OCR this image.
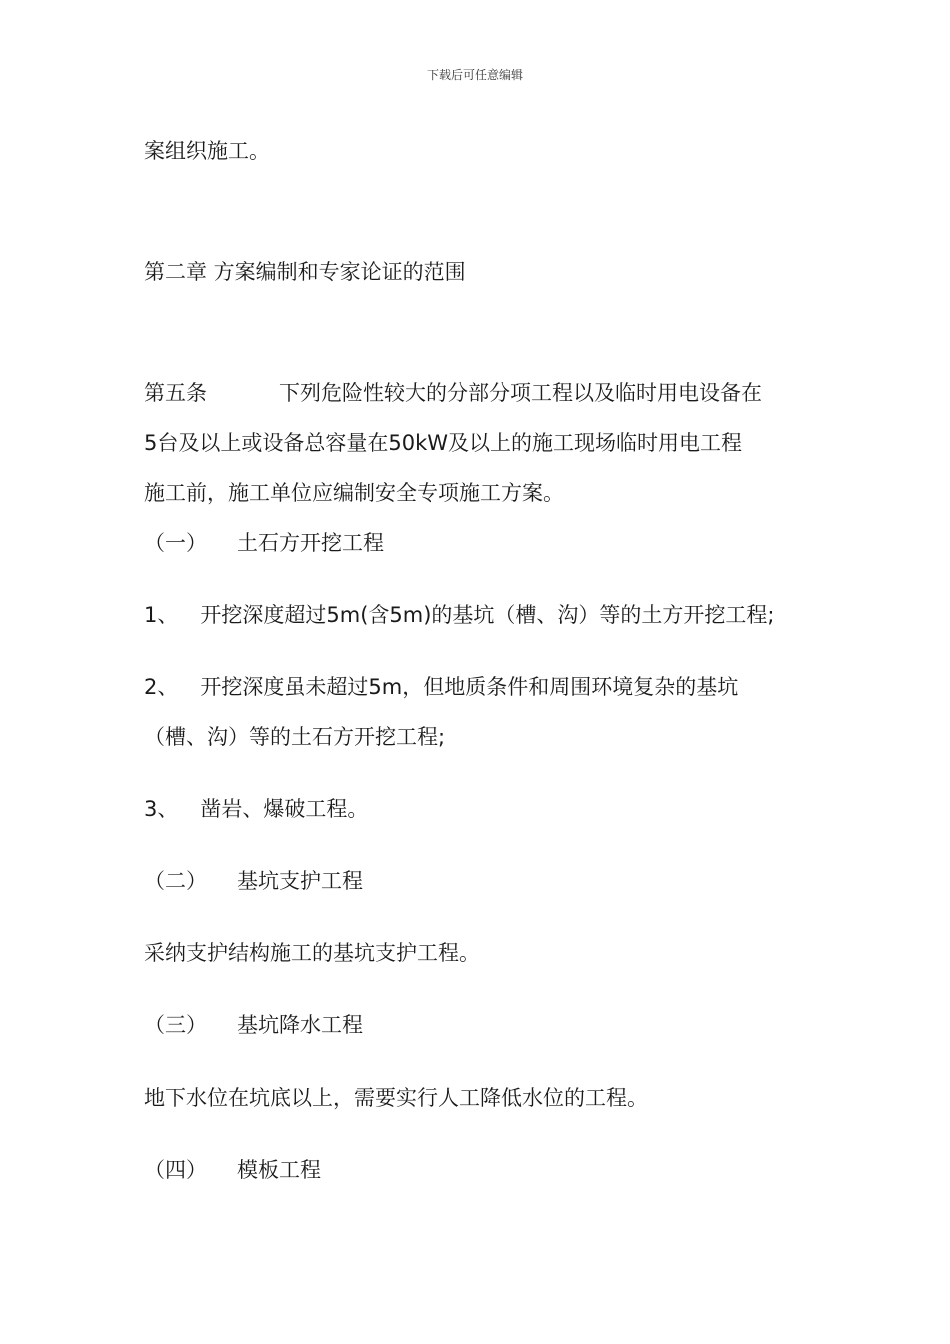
下载后可任意编辑
案组织施工。
第二章 方案编制和专家论证的范围
第五条	下列危险性较大的分部分项工程以及临时用电设备在
5台及以上或设备总容量在50kW及以上的施工现场临时用电工程
施工前，施工单位应编制安全专项施工方案。
（一） 土石方开挖工程
1、 开挖深度超过5m(含5m)的基坑（槽、沟）等的土方开挖工程;
2、 开挖深度虽未超过5m，但地质条件和周围环境复杂的基坑
（槽、沟）等的土石方开挖工程;
3、 凿岩、爆破工程。
（二） 基坑支护工程
采纳支护结构施工的基坑支护工程。
（三） 基坑降水工程
地下水位在坑底以上，需要实行人工降低水位的工程。
（四） 模板工程
